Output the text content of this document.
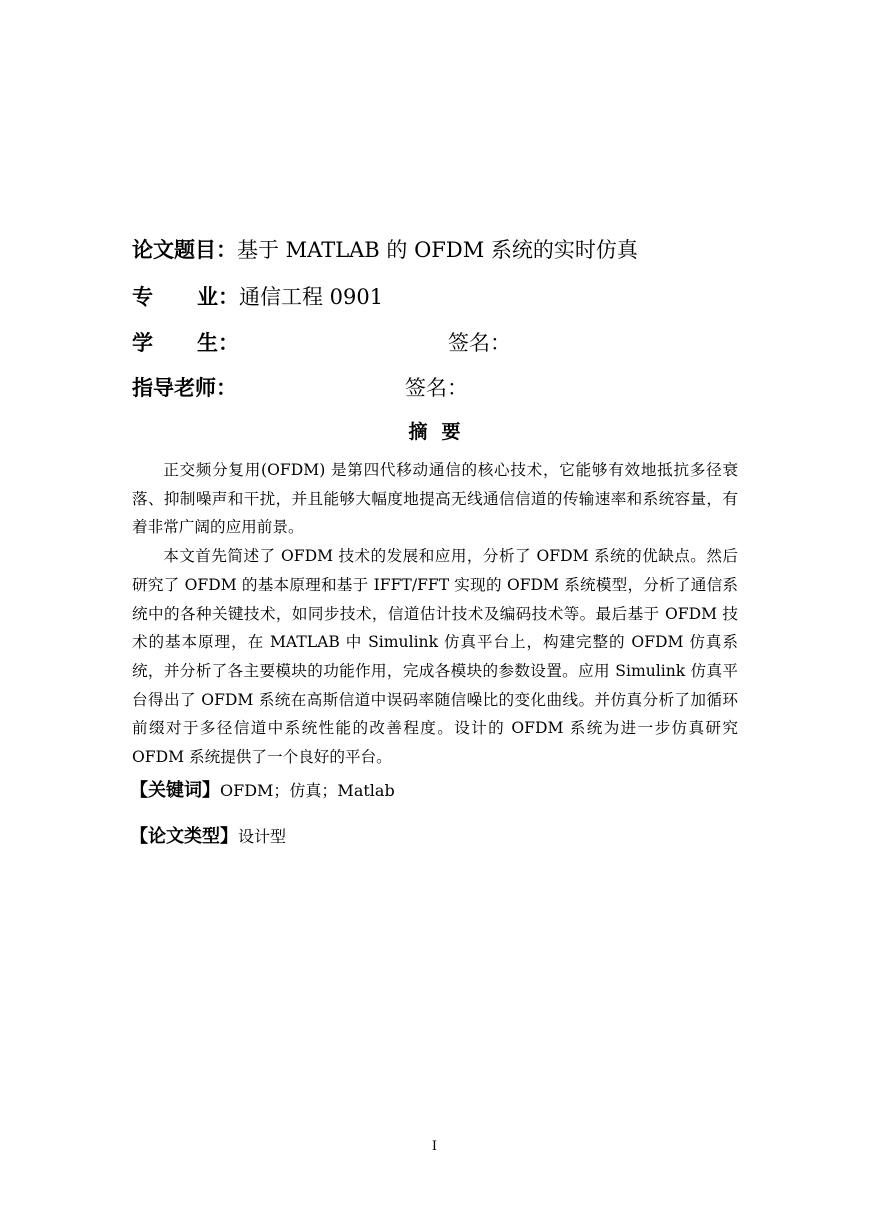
论文题目：基于 MATLAB 的 OFDM 系统的实时仿真
专 业：通信工程 0901
学 生：	签名：
指导老师：	签名：
摘要

正交频分复用(OFDM) 是第四代移动通信的核心技术，它能够有效地抵抗多径衰落、抑制噪声和干扰，并且能够大幅度地提高无线通信信道的传输速率和系统容量，有着非常广阔的应用前景。

本文首先简述了 OFDM 技术的发展和应用，分析了 OFDM 系统的优缺点。然后研究了 OFDM 的基本原理和基于 IFFT/FFT 实现的 OFDM 系统模型，分析了通信系统中的各种关键技术，如同步技术，信道估计技术及编码技术等。最后基于 OFDM 技术的基本原理，在 MATLAB 中 Simulink 仿真平台上，构建完整的 OFDM 仿真系统，并分析了各主要模块的功能作用，完成各模块的参数设置。应用 Simulink 仿真平台得出了 OFDM 系统在高斯信道中误码率随信噪比的变化曲线。并仿真分析了加循环前缀对于多径信道中系统性能的改善程度。设计的 OFDM 系统为进一步仿真研究 OFDM 系统提供了一个良好的平台。

【关键词】OFDM；仿真；Matlab
【论文类型】设计型
I
